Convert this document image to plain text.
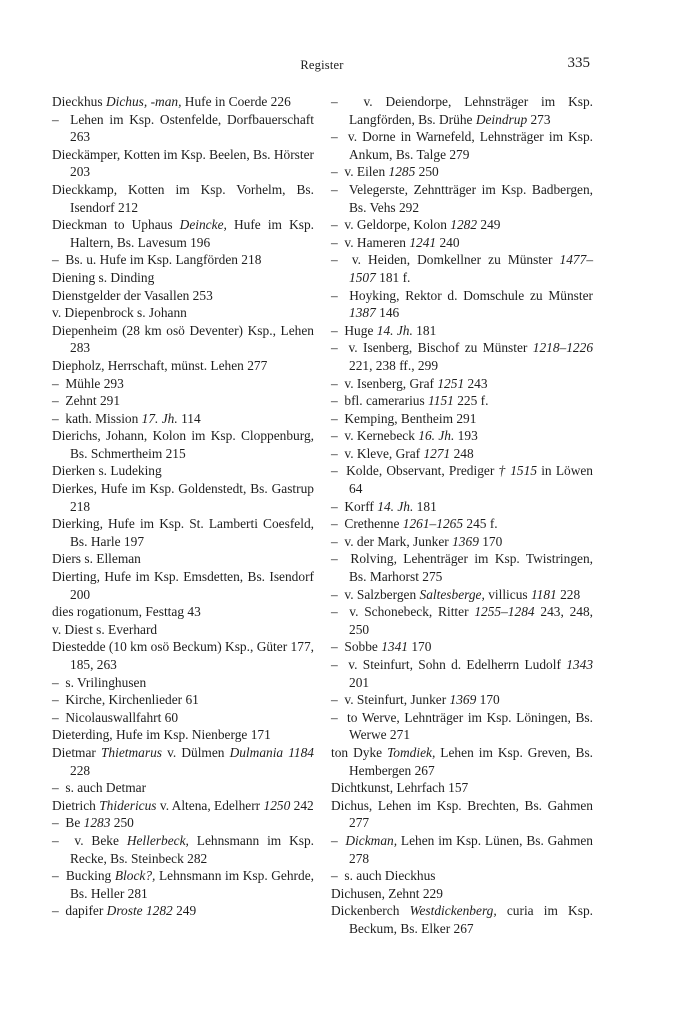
Register	335
Dieckhus Dichus, -man, Hufe in Coerde 226
–  Lehen im Ksp. Ostenfelde, Dorfbauerschaft 263
Dieckämper, Kotten im Ksp. Beelen, Bs. Hörster 203
Dieckkamp, Kotten im Ksp. Vorhelm, Bs. Isendorf 212
Dieckman to Uphaus Deincke, Hufe im Ksp. Haltern, Bs. Lavesum 196
–  Bs. u. Hufe im Ksp. Langförden 218
Diening s. Dinding
Dienstgelder der Vasallen 253
v. Diepenbrock s. Johann
Diepenheim (28 km osö Deventer) Ksp., Lehen 283
Diepholz, Herrschaft, münst. Lehen 277
–  Mühle 293
–  Zehnt 291
–  kath. Mission 17. Jh. 114
Dierichs, Johann, Kolon im Ksp. Cloppenburg, Bs. Schmertheim 215
Dierken s. Ludeking
Dierkes, Hufe im Ksp. Goldenstedt, Bs. Gastrup 218
Dierking, Hufe im Ksp. St. Lamberti Coesfeld, Bs. Harle 197
Diers s. Elleman
Dierting, Hufe im Ksp. Emsdetten, Bs. Isendorf 200
dies rogationum, Festtag 43
v. Diest s. Everhard
Diestedde (10 km osö Beckum) Ksp., Güter 177, 185, 263
–  s. Vrilinghusen
–  Kirche, Kirchenlieder 61
–  Nicolauswallfahrt 60
Dieterding, Hufe im Ksp. Nienberge 171
Dietmar Thietmarus v. Dülmen Dulmania 1184 228
–  s. auch Detmar
Dietrich Thidericus v. Altena, Edelherr 1250 242
–  Be 1283 250
–  v. Beke Hellerbeck, Lehnsmann im Ksp. Recke, Bs. Steinbeck 282
–  Bucking Block?, Lehnsmann im Ksp. Gehrde, Bs. Heller 281
–  dapifer Droste 1282 249
–  v. Deiendorpe, Lehnsträger im Ksp. Langförden, Bs. Drühe Deindrup 273
–  v. Dorne in Warnefeld, Lehnsträger im Ksp. Ankum, Bs. Talge 279
–  v. Eilen 1285 250
–  Velegerste, Zehntträger im Ksp. Badbergen, Bs. Vehs 292
–  v. Geldorpe, Kolon 1282 249
–  v. Hameren 1241 240
–  v. Heiden, Domkellner zu Münster 1477–1507 181 f.
–  Hoyking, Rektor d. Domschule zu Münster 1387 146
–  Huge 14. Jh. 181
–  v. Isenberg, Bischof zu Münster 1218–1226 221, 238 ff., 299
–  v. Isenberg, Graf 1251 243
–  bfl. camerarius 1151 225 f.
–  Kemping, Bentheim 291
–  v. Kernebeck 16. Jh. 193
–  v. Kleve, Graf 1271 248
–  Kolde, Observant, Prediger † 1515 in Löwen 64
–  Korff 14. Jh. 181
–  Crethenne 1261–1265 245 f.
–  v. der Mark, Junker 1369 170
–  Rolving, Lehenträger im Ksp. Twistringen, Bs. Marhorst 275
–  v. Salzbergen Saltesberge, villicus 1181 228
–  v. Schonebeck, Ritter 1255–1284 243, 248, 250
–  Sobbe 1341 170
–  v. Steinfurt, Sohn d. Edelherrn Ludolf 1343 201
–  v. Steinfurt, Junker 1369 170
–  to Werve, Lehnträger im Ksp. Löningen, Bs. Werwe 271
ton Dyke Tomdiek, Lehen im Ksp. Greven, Bs. Hembergen 267
Dichtkunst, Lehrfach 157
Dichus, Lehen im Ksp. Brechten, Bs. Gahmen 277
–  Dickman, Lehen im Ksp. Lünen, Bs. Gahmen 278
–  s. auch Dieckhus
Dichusen, Zehnt 229
Dickenberch Westdickenberg, curia im Ksp. Beckum, Bs. Elker 267
